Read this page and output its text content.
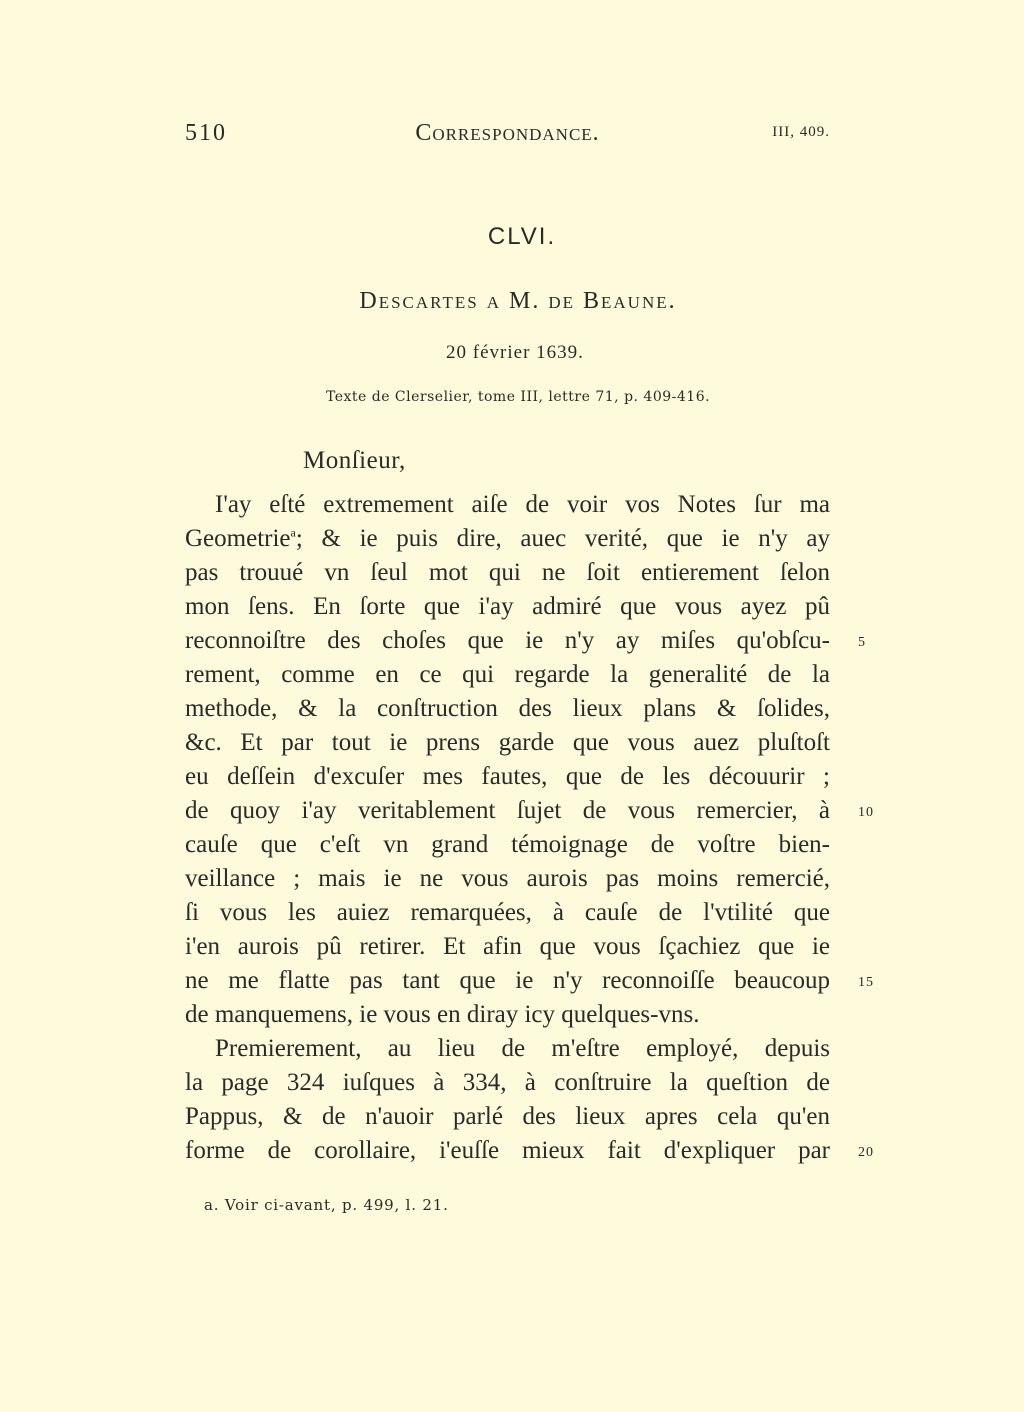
510	Correspondance.	III, 409.
CLVI.
Descartes a M. de Beaune.
20 février 1639.
Texte de Clerselier, tome III, lettre 71, p. 409-416.
Monſieur,
I'ay eſté extremement aiſe de voir vos Notes ſur ma
Geometrie$^a$; & ie puis dire, auec verité, que ie n'y ay
pas trouué vn ſeul mot qui ne ſoit entierement ſelon
mon ſens. En ſorte que i'ay admiré que vous ayez pû
reconnoiſtre des choſes que ie n'y ay miſes qu'obſcu-
rement, comme en ce qui regarde la generalité de la
methode, & la conſtruction des lieux plans & ſolides,
&c. Et par tout ie prens garde que vous auez pluſtoſt
eu deſſein d'excuſer mes fautes, que de les découurir ;
de quoy i'ay veritablement ſujet de vous remercier, à
cauſe que c'eſt vn grand témoignage de voſtre bien-
veillance ; mais ie ne vous aurois pas moins remercié,
ſi vous les auiez remarquées, à cauſe de l'vtilité que
i'en aurois pû retirer. Et afin que vous ſçachiez que ie
ne me flatte pas tant que ie n'y reconnoiſſe beaucoup
de manquemens, ie vous en diray icy quelques-vns.
Premierement, au lieu de m'eſtre employé, depuis
la page 324 iuſques à 334, à conſtruire la queſtion de
Pappus, & de n'auoir parlé des lieux apres cela qu'en
forme de corollaire, i'euſſe mieux fait d'expliquer par
5
10
15
20
a. Voir ci-avant, p. 499, l. 21.
